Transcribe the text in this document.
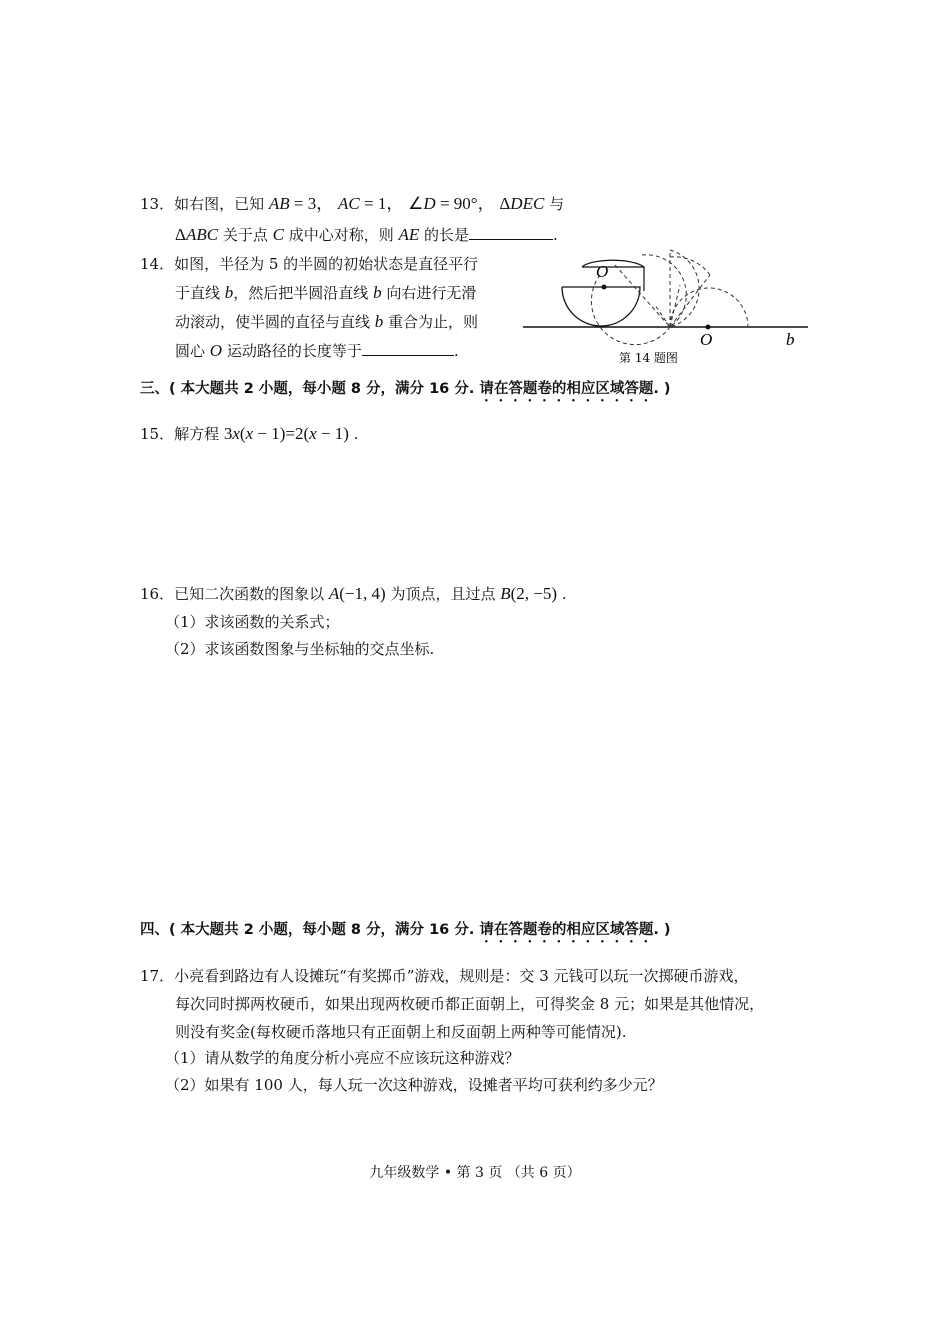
13．如右图，已知 AB = 3， AC = 1， ∠D = 90°， ΔDEC 与
ΔABC 关于点 C 成中心对称，则 AE 的长是	.
14．如图，半径为 5 的半圆的初始状态是直径平行
于直线 b，然后把半圆沿直线 b 向右进行无滑
动滚动，使半圆的直径与直线 b 重合为止，则
圆心 O 运动路径的长度等于	.
O
O	b
第 14 题图
三、( 本大题共 2 小题，每小题 8 分，满分 16 分. 请在答题卷的相应区域答题. )
15．解方程 3x(x − 1)=2(x − 1) .
16．已知二次函数的图象以 A(−1, 4) 为顶点，且过点 B(2, −5) .
（1）求该函数的关系式；
（2）求该函数图象与坐标轴的交点坐标.
四、( 本大题共 2 小题，每小题 8 分，满分 16 分. 请在答题卷的相应区域答题. )
17．小亮看到路边有人设摊玩“有奖掷币”游戏，规则是：交 3 元钱可以玩一次掷硬币游戏，
每次同时掷两枚硬币，如果出现两枚硬币都正面朝上，可得奖金 8 元；如果是其他情况，
则没有奖金(每枚硬币落地只有正面朝上和反面朝上两种等可能情况).
（1）请从数学的角度分析小亮应不应该玩这种游戏？
（2）如果有 100 人，每人玩一次这种游戏，设摊者平均可获利约多少元？
九年级数学 • 第 3 页 （共 6 页）
